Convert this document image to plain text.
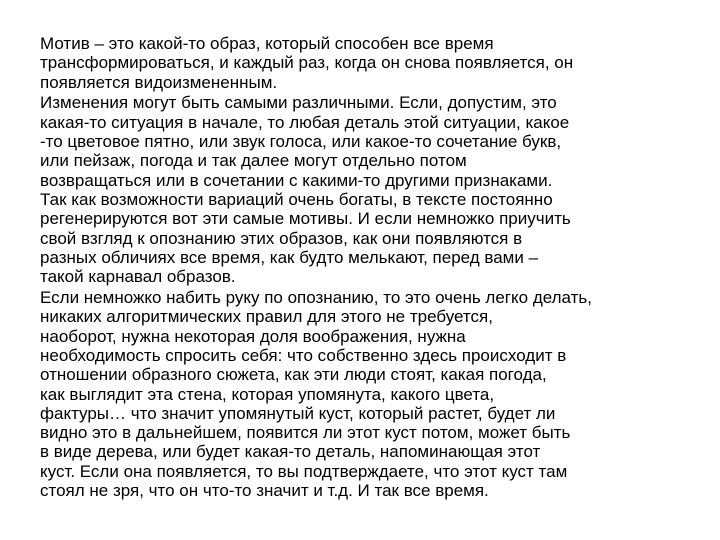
Мотив – это какой-то образ, который способен все время
трансформироваться, и каждый раз, когда он снова появляется, он
появляется видоизмененным.

Изменения могут быть самыми различными. Если, допустим, это
какая-то ситуация в начале, то любая деталь этой ситуации, какое
-то цветовое пятно, или звук голоса, или какое-то сочетание букв,
или пейзаж, погода и так далее могут отдельно потом
возвращаться или в сочетании с какими-то другими признаками.
Так как возможности вариаций очень богаты, в тексте постоянно
регенерируются вот эти самые мотивы. И если немножко приучить
свой взгляд к опознанию этих образов, как они появляются в
разных обличиях все время, как будто мелькают, перед вами –
такой карнавал образов.

Если немножко набить руку по опознанию, то это очень легко делать,
никаких алгоритмических правил для этого не требуется,
наоборот, нужна некоторая доля воображения, нужна
необходимость спросить себя: что собственно здесь происходит в
отношении образного сюжета, как эти люди стоят, какая погода,
как выглядит эта стена, которая упомянута, какого цвета,
фактуры… что значит упомянутый куст, который растет, будет ли
видно это в дальнейшем, появится ли этот куст потом, может быть
в виде дерева, или будет какая-то деталь, напоминающая этот
куст. Если она появляется, то вы подтверждаете, что этот куст там
стоял не зря, что он что-то значит и т.д. И так все время.
